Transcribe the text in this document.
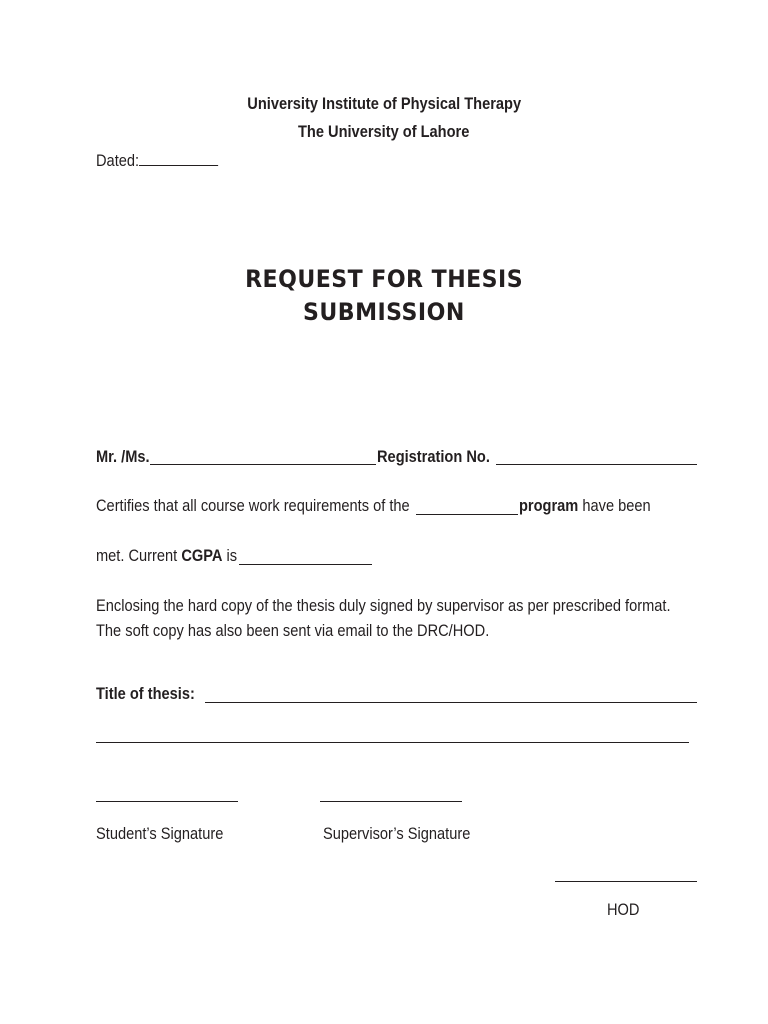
University Institute of Physical Therapy
The University of Lahore
Dated:
REQUEST FOR THESIS
SUBMISSION
Mr. /Ms.	Registration No.
Certifies that all course work requirements of the	program have been
met. Current CGPA is
Enclosing the hard copy of the thesis duly signed by supervisor as per prescribed format.
The soft copy has also been sent via email to the DRC/HOD.
Title of thesis:
Student’s Signature	Supervisor’s Signature
HOD
